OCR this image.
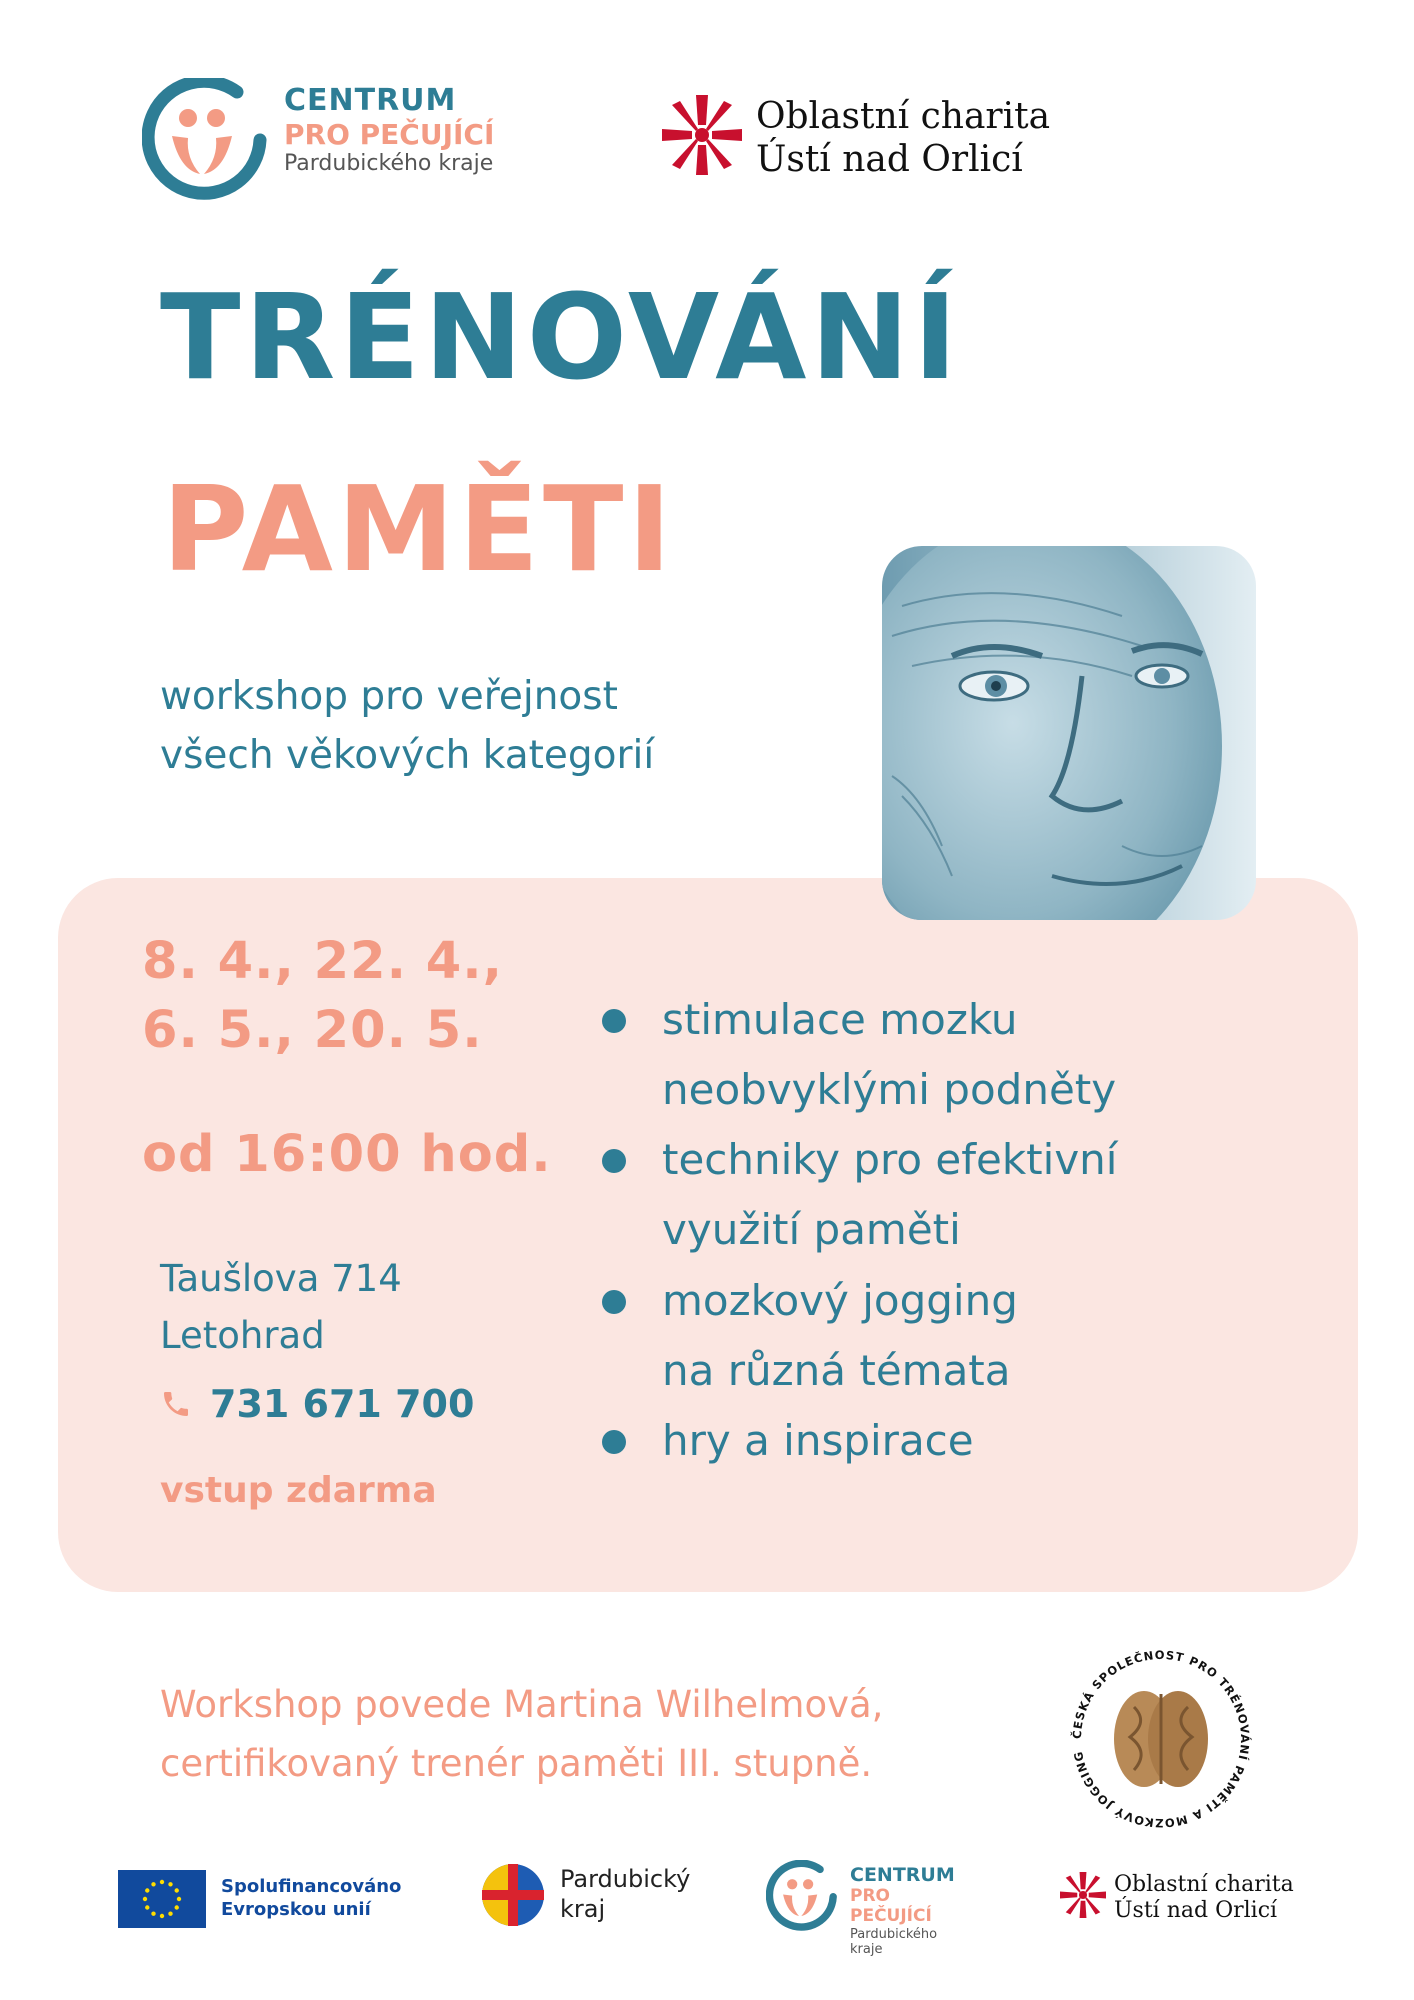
CENTRUM
PRO PEČUJÍCÍ
Pardubického kraje
Oblastní charita
Ústí nad Orlicí
TRÉNOVÁNÍ
PAMĚTI
workshop pro veřejnost
všech věkových kategorií
8. 4., 22. 4.,
6. 5., 20. 5.
od 16:00 hod.
Taušlova 714
Letohrad
731 671 700
vstup zdarma
stimulace mozku
neobvyklými podněty
techniky pro efektivní
využití paměti
mozkový jogging
na různá témata
hry a inspirace
Workshop povede Martina Wilhelmová,
certifikovaný trenér paměti III. stupně.
ČESKÁ SPOLEČNOST PRO TRÉNOVÁNÍ PAMĚTI A MOZKOVÝ JOGGING
Spolufinancováno
Evropskou unií
Pardubický
kraj
CENTRUM
PRO PEČUJÍCÍ
Pardubického kraje
Oblastní charita
Ústí nad Orlicí
